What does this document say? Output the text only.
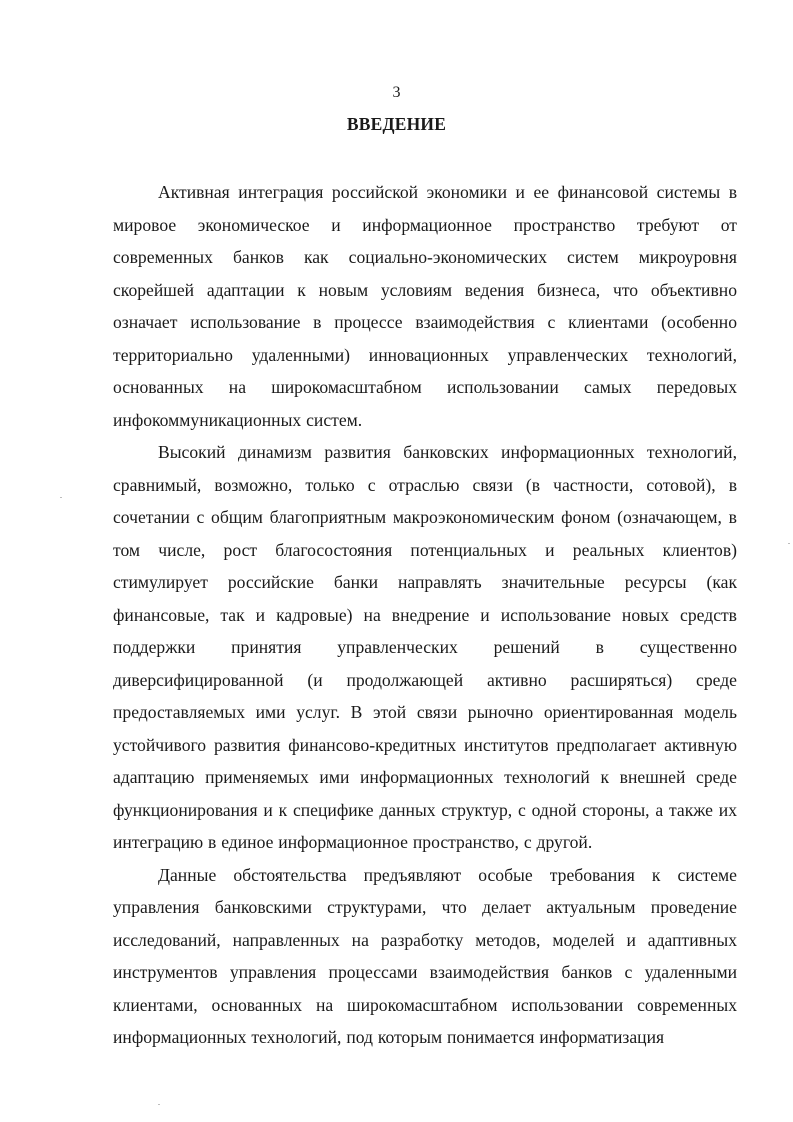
3
ВВЕДЕНИЕ

Активная интеграция российской экономики и ее финансовой системы в мировое экономическое и информационное пространство требуют от современных банков как социально-экономических систем микроуровня скорейшей адаптации к новым условиям ведения бизнеса, что объективно означает использование в процессе взаимодействия с клиентами (особенно территориально удаленными) инновационных управленческих технологий, основанных на широкомасштабном использовании самых передовых инфокоммуникационных систем.

Высокий динамизм развития банковских информационных технологий, сравнимый, возможно, только с отраслью связи (в частности, сотовой), в сочетании с общим благоприятным макроэкономическим фоном (означающем, в том числе, рост благосостояния потенциальных и реальных клиентов) стимулирует российские банки направлять значительные ресурсы (как финансовые, так и кадровые) на внедрение и использование новых средств поддержки принятия управленческих решений в существенно диверсифицированной (и продолжающей активно расширяться) среде предоставляемых ими услуг. В этой связи рыночно ориентированная модель устойчивого развития финансово-кредитных институтов предполагает активную адаптацию применяемых ими информационных технологий к внешней среде функционирования и к специфике данных структур, с одной стороны, а также их интеграцию в единое информационное пространство, с другой.

Данные обстоятельства предъявляют особые требования к системе управления банковскими структурами, что делает актуальным проведение исследований, направленных на разработку методов, моделей и адаптивных инструментов управления процессами взаимодействия банков с удаленными клиентами, основанных на широкомасштабном использовании современных информационных технологий, под которым понимается информатизация
